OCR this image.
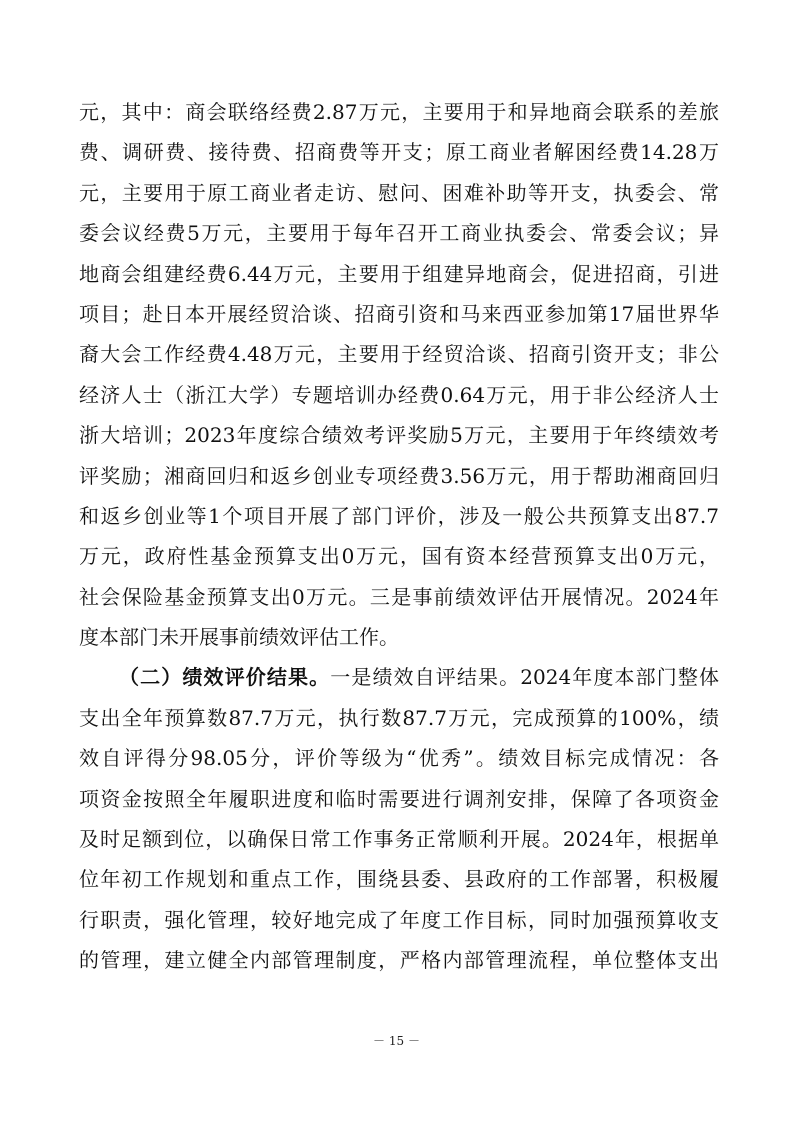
元，其中：商会联络经费2.87万元，主要用于和异地商会联系的差旅
费、调研费、接待费、招商费等开支；原工商业者解困经费14.28万
元，主要用于原工商业者走访、慰问、困难补助等开支，执委会、常
委会议经费5万元，主要用于每年召开工商业执委会、常委会议；异
地商会组建经费6.44万元，主要用于组建异地商会，促进招商，引进
项目；赴日本开展经贸洽谈、招商引资和马来西亚参加第17届世界华
裔大会工作经费4.48万元，主要用于经贸洽谈、招商引资开支；非公
经济人士（浙江大学）专题培训办经费0.64万元，用于非公经济人士
浙大培训；2023年度综合绩效考评奖励5万元，主要用于年终绩效考
评奖励；湘商回归和返乡创业专项经费3.56万元，用于帮助湘商回归
和返乡创业等1个项目开展了部门评价，涉及一般公共预算支出87.7
万元，政府性基金预算支出0万元，国有资本经营预算支出0万元，
社会保险基金预算支出0万元。三是事前绩效评估开展情况。2024年
度本部门未开展事前绩效评估工作。
（二）绩效评价结果。一是绩效自评结果。2024年度本部门整体
支出全年预算数87.7万元，执行数87.7万元，完成预算的100%，绩
效自评得分98.05分，评价等级为“优秀”。绩效目标完成情况：各
项资金按照全年履职进度和临时需要进行调剂安排，保障了各项资金
及时足额到位，以确保日常工作事务正常顺利开展。2024年，根据单
位年初工作规划和重点工作，围绕县委、县政府的工作部署，积极履
行职责，强化管理，较好地完成了年度工作目标，同时加强预算收支
的管理，建立健全内部管理制度，严格内部管理流程，单位整体支出
－ 15 －
